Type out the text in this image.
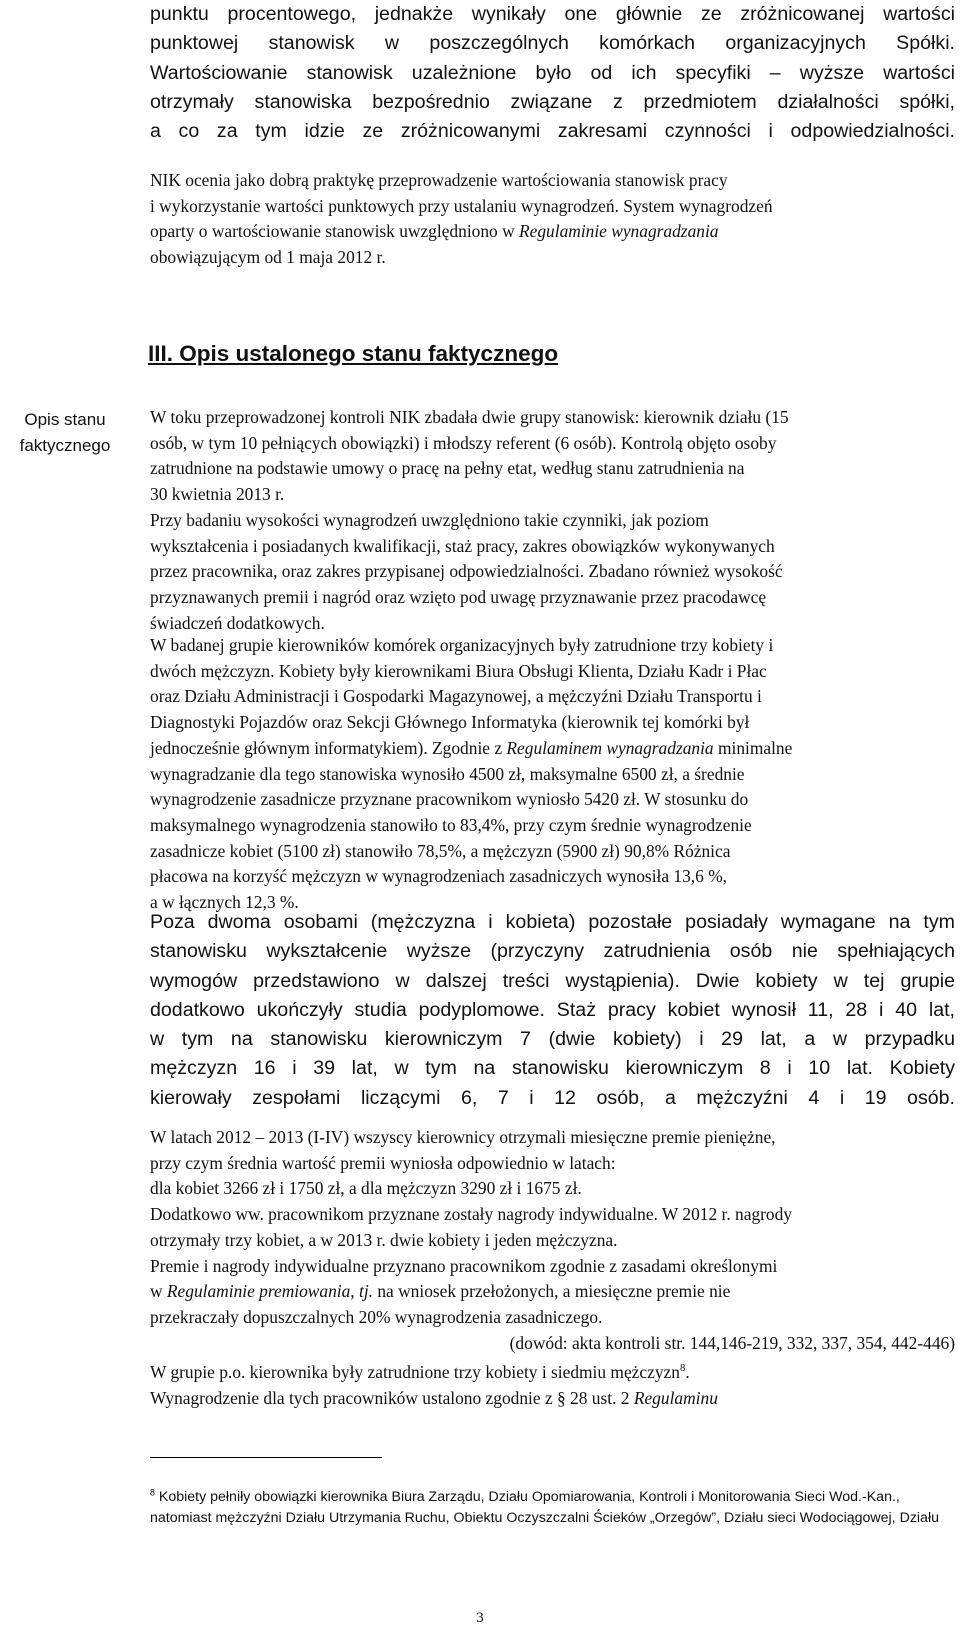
punktu procentowego, jednakże wynikały one głównie ze zróżnicowanej wartości
punktowej stanowisk w poszczególnych komórkach organizacyjnych Spółki.
Wartościowanie stanowisk uzależnione było od ich specyfiki – wyższe wartości
otrzymały stanowiska bezpośrednio związane z przedmiotem działalności spółki,
a co za tym idzie ze zróżnicowanymi zakresami czynności i odpowiedzialności.
NIK ocenia jako dobrą praktykę przeprowadzenie wartościowania stanowisk pracy
i wykorzystanie wartości punktowych przy ustalaniu wynagrodzeń. System wynagrodzeń
oparty o wartościowanie stanowisk uwzględniono w Regulaminie wynagradzania
obowiązującym od 1 maja 2012 r.
III. Opis ustalonego stanu faktycznego
Opis stanu
faktycznego
W toku przeprowadzonej kontroli NIK zbadała dwie grupy stanowisk: kierownik działu (15
osób, w tym 10 pełniących obowiązki) i młodszy referent (6 osób). Kontrolą objęto osoby
zatrudnione na podstawie umowy o pracę na pełny etat, według stanu zatrudnienia na
30 kwietnia 2013 r.
Przy badaniu wysokości wynagrodzeń uwzględniono takie czynniki, jak poziom
wykształcenia i posiadanych kwalifikacji, staż pracy, zakres obowiązków wykonywanych
przez pracownika, oraz zakres przypisanej odpowiedzialności. Zbadano również wysokość
przyznawanych premii i nagród oraz wzięto pod uwagę przyznawanie przez pracodawcę
świadczeń dodatkowych.
W badanej grupie kierowników komórek organizacyjnych były zatrudnione trzy kobiety i
dwóch mężczyzn. Kobiety były kierownikami Biura Obsługi Klienta, Działu Kadr i Płac
oraz Działu Administracji i Gospodarki Magazynowej, a mężczyźni Działu Transportu i
Diagnostyki Pojazdów oraz Sekcji Głównego Informatyka (kierownik tej komórki był
jednocześnie głównym informatykiem). Zgodnie z Regulaminem wynagradzania minimalne
wynagradzanie dla tego stanowiska wynosiło 4500 zł, maksymalne 6500 zł, a średnie
wynagrodzenie zasadnicze przyznane pracownikom wyniosło 5420 zł. W stosunku do
maksymalnego wynagrodzenia stanowiło to 83,4%, przy czym średnie wynagrodzenie
zasadnicze kobiet (5100 zł) stanowiło 78,5%, a mężczyzn (5900 zł) 90,8% Różnica
płacowa na korzyść mężczyzn w wynagrodzeniach zasadniczych wynosiła 13,6 %,
a w łącznych 12,3 %.
Poza dwoma osobami (mężczyzna i kobieta) pozostałe posiadały wymagane na tym
stanowisku wykształcenie wyższe (przyczyny zatrudnienia osób nie spełniających
wymogów przedstawiono w dalszej treści wystąpienia). Dwie kobiety w tej grupie
dodatkowo ukończyły studia podyplomowe. Staż pracy kobiet wynosił 11, 28 i 40 lat,
w tym na stanowisku kierowniczym 7 (dwie kobiety) i 29 lat, a w przypadku
mężczyzn 16 i 39 lat, w tym na stanowisku kierowniczym 8 i 10 lat. Kobiety
kierowały zespołami liczącymi 6, 7 i 12 osób, a mężczyźni 4 i 19 osób.
W latach 2012 – 2013 (I-IV) wszyscy kierownicy otrzymali miesięczne premie pieniężne,
przy czym średnia wartość premii wyniosła odpowiednio w latach:
dla kobiet 3266 zł i 1750 zł, a dla mężczyzn 3290 zł i 1675 zł.
Dodatkowo ww. pracownikom przyznane zostały nagrody indywidualne. W 2012 r. nagrody
otrzymały trzy kobiet, a w 2013 r. dwie kobiety i jeden mężczyzna.
Premie i nagrody indywidualne przyznano pracownikom zgodnie z zasadami określonymi
w Regulaminie premiowania, tj. na wniosek przełożonych, a miesięczne premie nie
przekraczały dopuszczalnych 20% wynagrodzenia zasadniczego.
(dowód: akta kontroli str. 144,146-219, 332, 337, 354, 442-446)
W grupie p.o. kierownika były zatrudnione trzy kobiety i siedmiu mężczyzn$^8$.
Wynagrodzenie dla tych pracowników ustalono zgodnie z § 28 ust. 2 Regulaminu
$^8$ Kobiety pełniły obowiązki kierownika Biura Zarządu, Działu Opomiarowania, Kontroli i Monitorowania Sieci Wod.-Kan.,
natomiast mężczyźni Działu Utrzymania Ruchu, Obiektu Oczyszczalni Ścieków „Orzegów”, Działu sieci Wodociągowej, Działu
3
